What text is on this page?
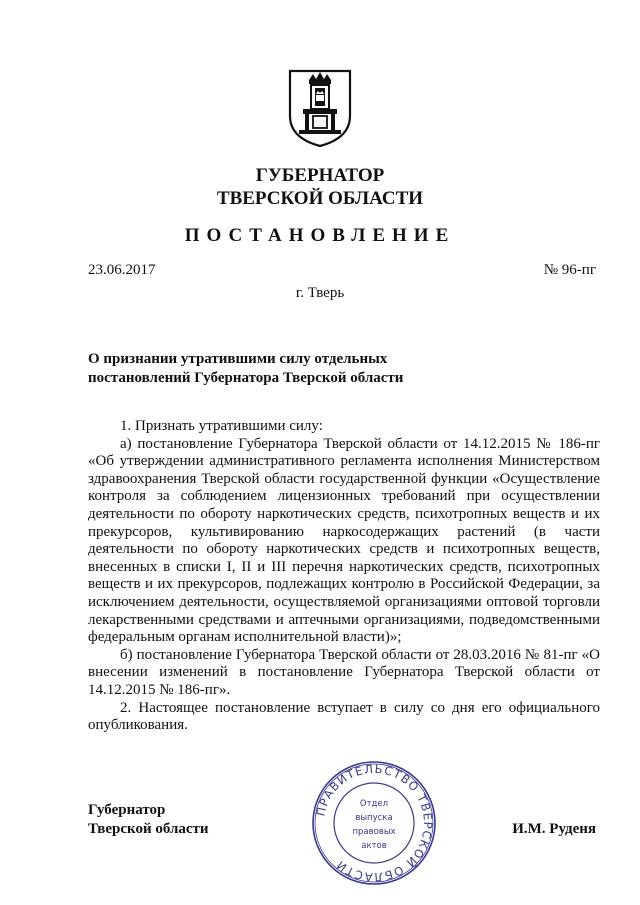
ГУБЕРНАТОР
ТВЕРСКОЙ ОБЛАСТИ
ПОСТАНОВЛЕНИЕ
23.06.2017	№ 96-пг
г. Тверь
О признании утратившими силу отдельных
постановлений Губернатора Тверской области

1. Признать утратившими силу:

а) постановление Губернатора Тверской области от 14.12.2015 № 186-пг «Об утверждении административного регламента исполнения Министерством здравоохранения Тверской области государственной функции «Осуществление контроля за соблюдением лицензионных требований при осуществлении деятельности по обороту наркотических средств, психотропных веществ и их прекурсоров, культивированию наркосодержащих растений (в части деятельности по обороту наркотических средств и психотропных веществ, внесенных в списки I, II и III перечня наркотических средств, психотропных веществ и их прекурсоров, подлежащих контролю в Российской Федерации, за исключением деятельности, осуществляемой организациями оптовой торговли лекарственными средствами и аптечными организациями, подведомственными федеральным органам исполнительной власти)»;

б) постановление Губернатора Тверской области от 28.03.2016 № 81-пг «О внесении изменений в постановление Губернатора Тверской области от 14.12.2015 № 186-пг».

2. Настоящее постановление вступает в силу со дня его официального опубликования.

Губернатор
Тверской области	И.М. Руденя
ПРАВИТЕЛЬСТВО ТВЕРСКОЙ ОБЛАСТИ
Отдел
выпуска
правовых
актов
